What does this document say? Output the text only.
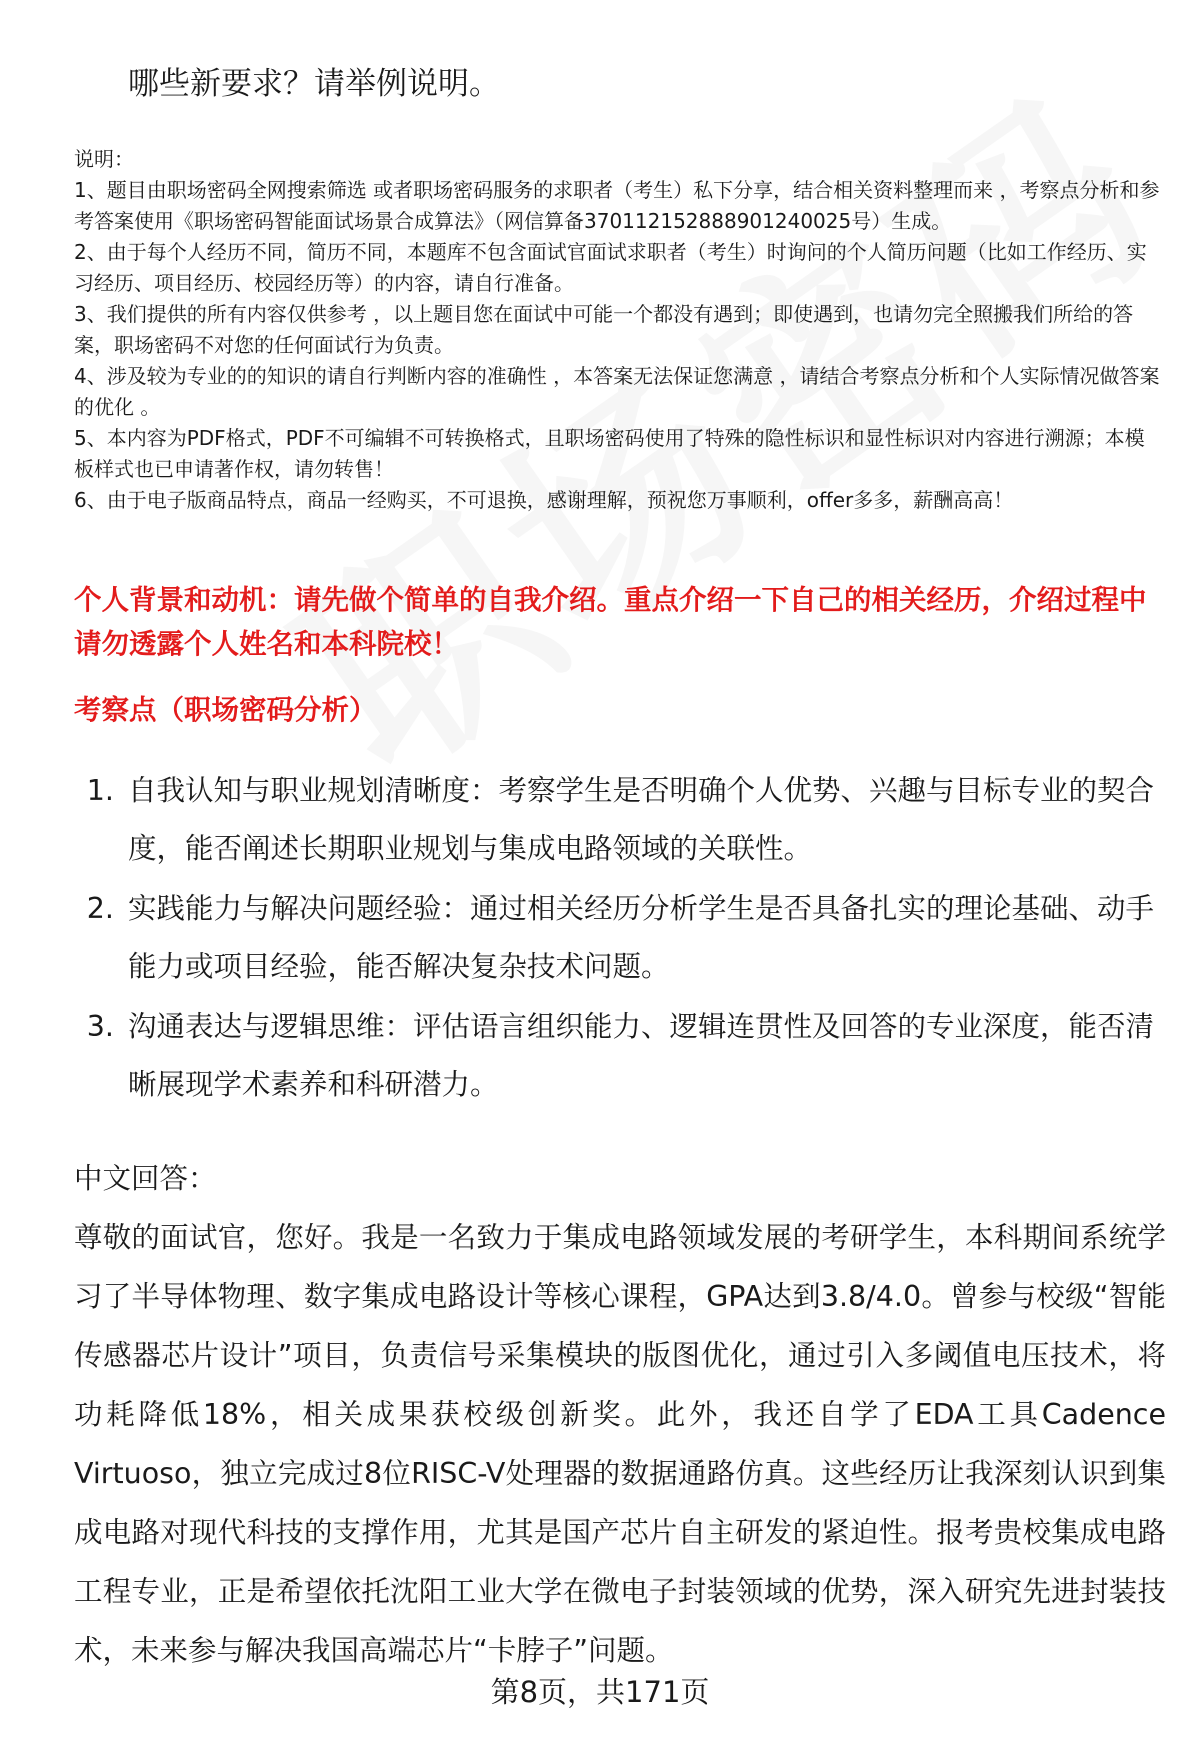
哪些新要求？请举例说明。

说明：

1、题目由职场密码全网搜索筛选 或者职场密码服务的求职者（考生）私下分享，结合相关资料整理而来 ，考察点分析和参考答案使用《职场密码智能面试场景合成算法》（网信算备370112152888901240025号）生成。

2、由于每个人经历不同，简历不同，本题库不包含面试官面试求职者（考生）时询问的个人简历问题（比如工作经历、实习经历、项目经历、校园经历等）的内容，请自行准备。

3、我们提供的所有内容仅供参考 ，以上题目您在面试中可能一个都没有遇到；即使遇到，也请勿完全照搬我们所给的答案，职场密码不对您的任何面试行为负责。

4、涉及较为专业的的知识的请自行判断内容的准确性 ，本答案无法保证您满意 ，请结合考察点分析和个人实际情况做答案的优化 。

5、本内容为PDF格式，PDF不可编辑不可转换格式，且职场密码使用了特殊的隐性标识和显性标识对内容进行溯源；本模板样式也已申请著作权，请勿转售！

6、由于电子版商品特点，商品一经购买，不可退换，感谢理解，预祝您万事顺利，offer多多，薪酬高高！

个人背景和动机：请先做个简单的自我介绍。重点介绍一下自己的相关经历，介绍过程中请勿透露个人姓名和本科院校！
考察点（职场密码分析）
1. 自我认知与职业规划清晰度：考察学生是否明确个人优势、兴趣与目标专业的契合度，能否阐述长期职业规划与集成电路领域的关联性。
2. 实践能力与解决问题经验：通过相关经历分析学生是否具备扎实的理论基础、动手能力或项目经验，能否解决复杂技术问题。
3. 沟通表达与逻辑思维：评估语言组织能力、逻辑连贯性及回答的专业深度，能否清晰展现学术素养和科研潜力。
中文回答：
尊敬的面试官，您好。我是一名致力于集成电路领域发展的考研学生，本科期间系统学习了半导体物理、数字集成电路设计等核心课程，GPA达到3.8/4.0。曾参与校级“智能传感器芯片设计”项目，负责信号采集模块的版图优化，通过引入多阈值电压技术，将功耗降低18%，相关成果获校级创新奖。此外，我还自学了EDA工具Cadence Virtuoso，独立完成过8位RISC-V处理器的数据通路仿真。这些经历让我深刻认识到集成电路对现代科技的支撑作用，尤其是国产芯片自主研发的紧迫性。报考贵校集成电路工程专业，正是希望依托沈阳工业大学在微电子封装领域的优势，深入研究先进封装技术，未来参与解决我国高端芯片“卡脖子”问题。
第8页，共171页
